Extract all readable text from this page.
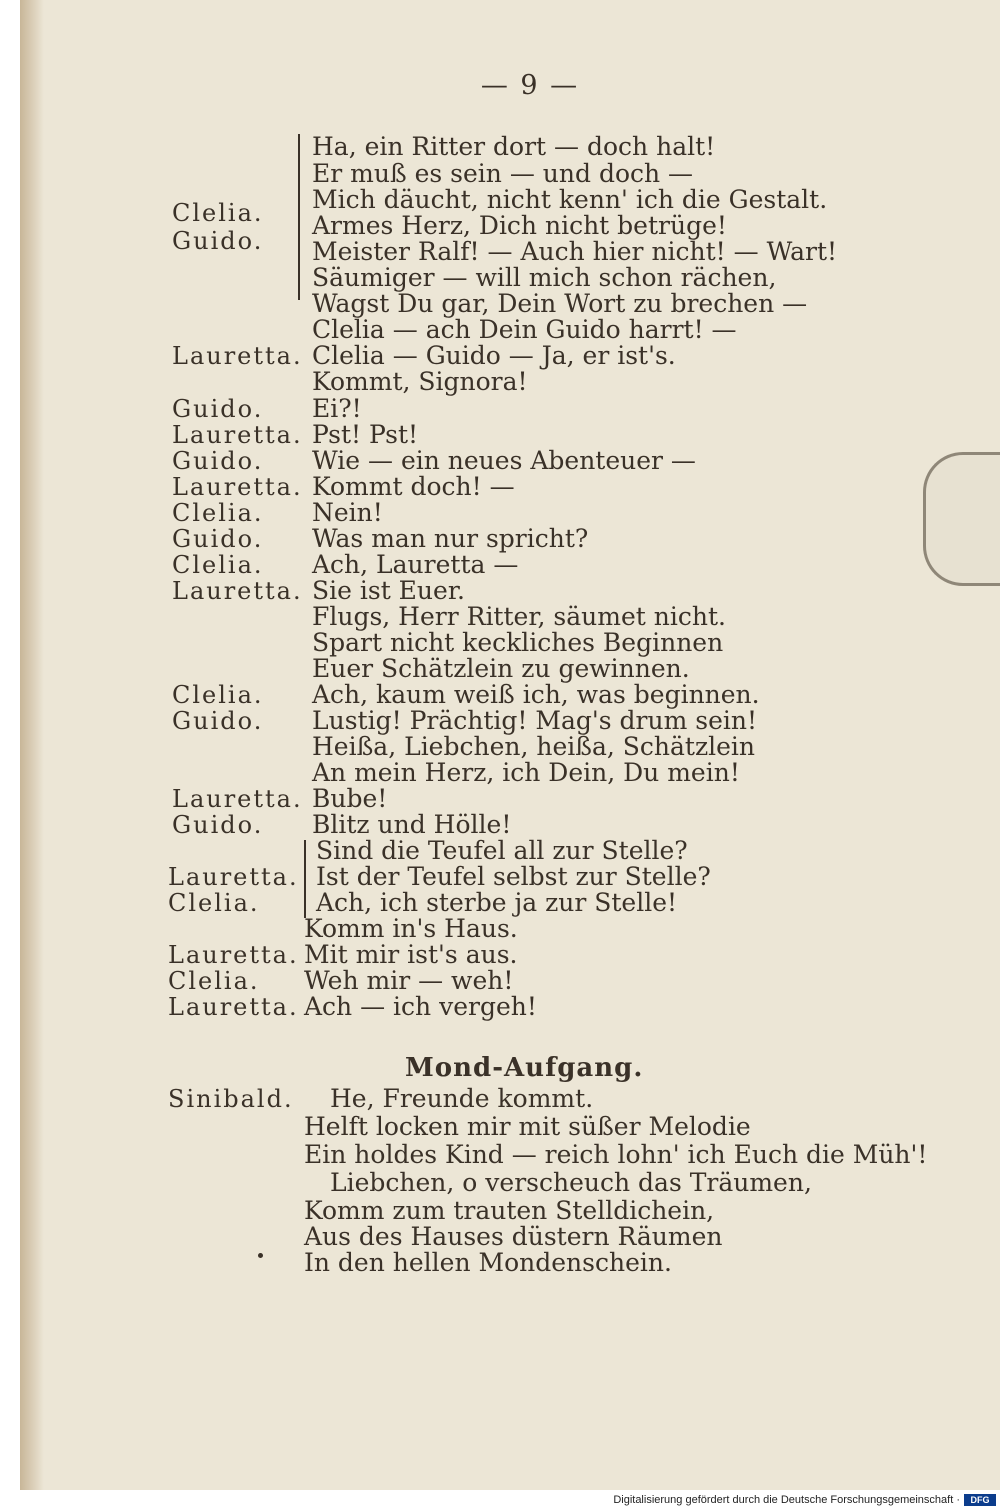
— 9 —
Clelia.
Guido.
Ha, ein Ritter dort — doch halt!
Er muß es sein — und doch —
Mich däucht, nicht kenn' ich die Gestalt.
Armes Herz, Dich nicht betrüge!
Meister Ralf! — Auch hier nicht! — Wart!
Säumiger — will mich schon rächen,
Wagst Du gar, Dein Wort zu brechen —
Clelia — ach Dein Guido harrt! —
Lauretta. Clelia — Guido — Ja, er ist's.
Kommt, Signora!
Guido. Ei?!
Lauretta. Pst! Pst!
Guido. Wie — ein neues Abenteuer —
Lauretta. Kommt doch! —
Clelia. Nein!
Guido. Was man nur spricht?
Clelia. Ach, Lauretta —
Lauretta. Sie ist Euer.
Flugs, Herr Ritter, säumet nicht.
Spart nicht keckliches Beginnen
Euer Schätzlein zu gewinnen.
Clelia. Ach, kaum weiß ich, was beginnen.
Guido. Lustig! Prächtig! Mag's drum sein!
Heißa, Liebchen, heißa, Schätzlein
An mein Herz, ich Dein, Du mein!
Lauretta. Bube!
Guido. Blitz und Hölle!
Sind die Teufel all zur Stelle?
Lauretta. Ist der Teufel selbst zur Stelle?
Clelia. Ach, ich sterbe ja zur Stelle!
Komm in's Haus.
Lauretta. Mit mir ist's aus.
Clelia. Weh mir — weh!
Lauretta. Ach — ich vergeh!
Mond-Aufgang.
Sinibald. He, Freunde kommt.
Helft locken mir mit süßer Melodie
Ein holdes Kind — reich lohn' ich Euch die Müh'!
Liebchen, o verscheuch das Träumen,
Komm zum trauten Stelldichein,
Aus des Hauses düstern Räumen
In den hellen Mondenschein.
Digitalisierung gefördert durch die Deutsche Forschungsgemeinschaft ·	DFG
